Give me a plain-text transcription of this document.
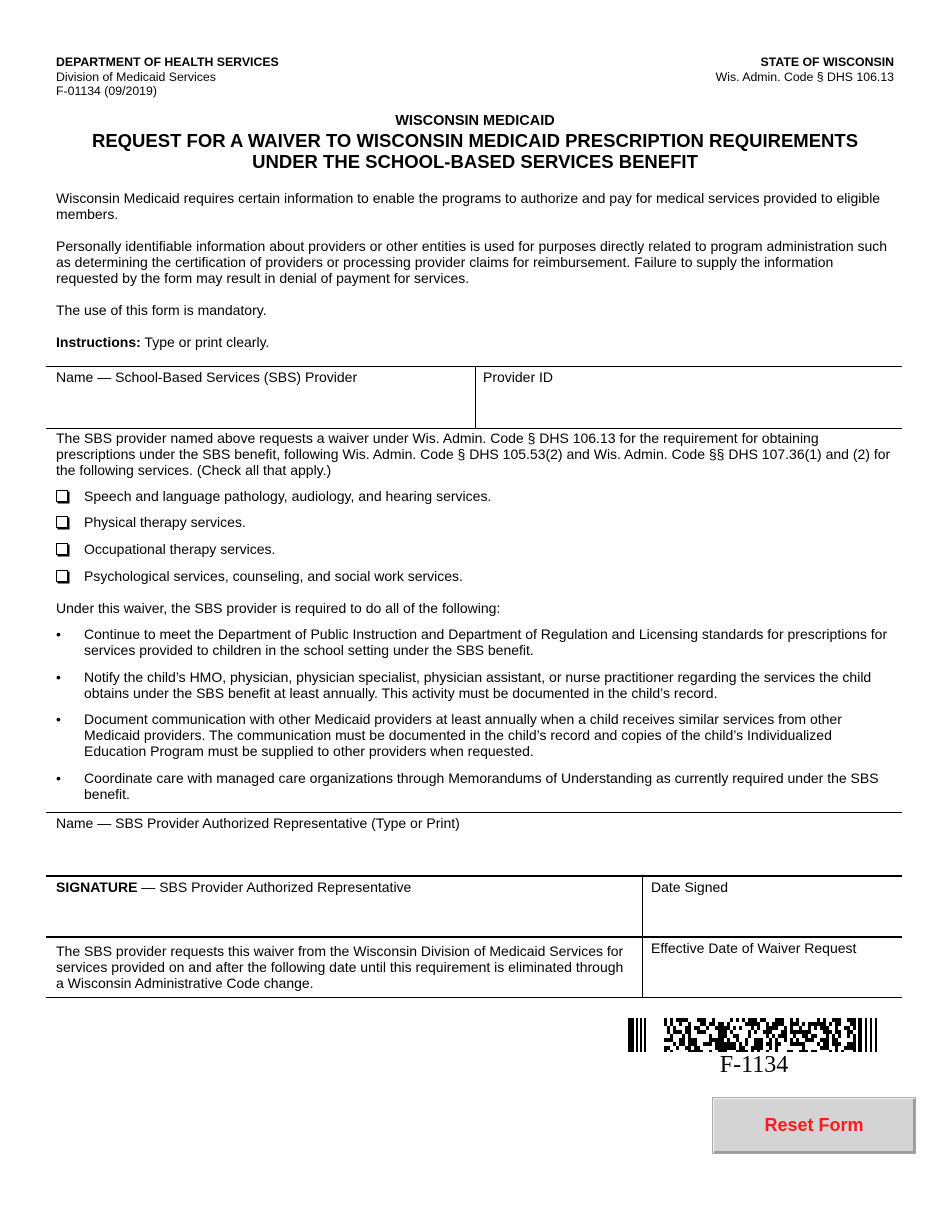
DEPARTMENT OF HEALTH SERVICES
Division of Medicaid Services
F-01134 (09/2019)
STATE OF WISCONSIN
Wis. Admin. Code § DHS 106.13
WISCONSIN MEDICAID
REQUEST FOR A WAIVER TO WISCONSIN MEDICAID PRESCRIPTION REQUIREMENTS
UNDER THE SCHOOL-BASED SERVICES BENEFIT
Wisconsin Medicaid requires certain information to enable the programs to authorize and pay for medical services provided to eligible members.
Personally identifiable information about providers or other entities is used for purposes directly related to program administration such as determining the certification of providers or processing provider claims for reimbursement. Failure to supply the information requested by the form may result in denial of payment for services.
The use of this form is mandatory.
Instructions: Type or print clearly.
Name — School-Based Services (SBS) Provider	Provider ID
The SBS provider named above requests a waiver under Wis. Admin. Code § DHS 106.13 for the requirement for obtaining prescriptions under the SBS benefit, following Wis. Admin. Code § DHS 105.53(2) and Wis. Admin. Code §§ DHS 107.36(1) and (2) for the following services. (Check all that apply.)
Speech and language pathology, audiology, and hearing services.
Physical therapy services.
Occupational therapy services.
Psychological services, counseling, and social work services.
Under this waiver, the SBS provider is required to do all of the following:
• Continue to meet the Department of Public Instruction and Department of Regulation and Licensing standards for prescriptions for services provided to children in the school setting under the SBS benefit.
• Notify the child’s HMO, physician, physician specialist, physician assistant, or nurse practitioner regarding the services the child obtains under the SBS benefit at least annually. This activity must be documented in the child’s record.
• Document communication with other Medicaid providers at least annually when a child receives similar services from other Medicaid providers. The communication must be documented in the child’s record and copies of the child’s Individualized Education Program must be supplied to other providers when requested.
• Coordinate care with managed care organizations through Memorandums of Understanding as currently required under the SBS benefit.
Name — SBS Provider Authorized Representative (Type or Print)
SIGNATURE — SBS Provider Authorized Representative	Date Signed
The SBS provider requests this waiver from the Wisconsin Division of Medicaid Services for services provided on and after the following date until this requirement is eliminated through a Wisconsin Administrative Code change.
Effective Date of Waiver Request
F-1134
Reset Form
